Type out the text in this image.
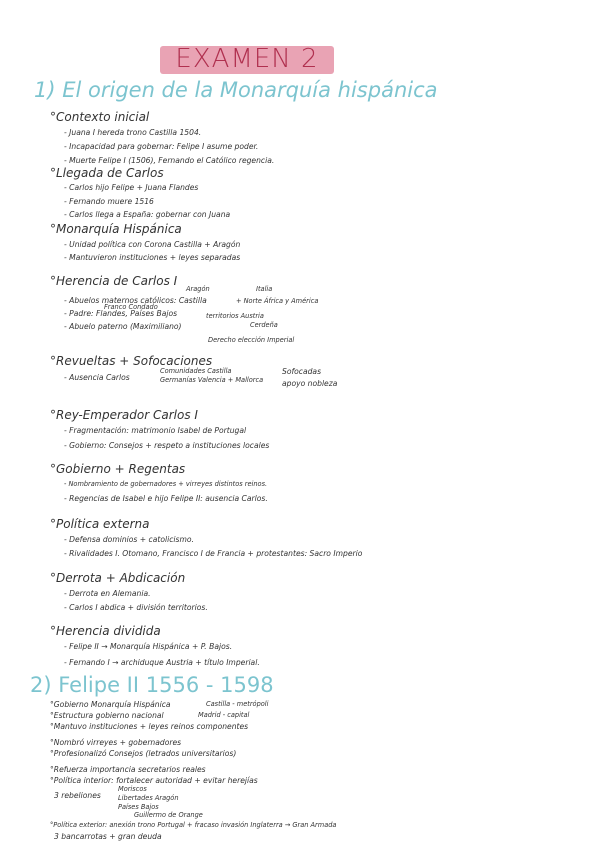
EXAMEN 2
1) El origen de la Monarquía hispánica
°Contexto inicial
- Juana I hereda trono Castilla 1504.
- Incapacidad para gobernar: Felipe I asume poder.
- Muerte Felipe I (1506), Fernando el Católico regencia.
°Llegada de Carlos
- Carlos hijo Felipe + Juana Flandes
- Fernando muere 1516
- Carlos llega a España: gobernar con Juana
°Monarquía Hispánica
- Unidad política con Corona Castilla + Aragón
- Mantuvieron instituciones + leyes separadas
°Herencia de Carlos I
Aragón	Italia
- Abuelos maternos católicos: Castilla	+ Norte África y América
Franco Condado
- Padre: Flandes, Países Bajos	territorios Austria
- Abuelo paterno (Maximiliano)	Cerdeña
Derecho elección Imperial
°Revueltas + Sofocaciones
- Ausencia Carlos
Comunidades Castilla
Germanías Valencia + Mallorca
Sofocadas
apoyo nobleza
°Rey-Emperador Carlos I
- Fragmentación: matrimonio Isabel de Portugal
- Gobierno: Consejos + respeto a instituciones locales
°Gobierno + Regentas
- Nombramiento de gobernadores + virreyes distintos reinos.
- Regencias de Isabel e hijo Felipe II: ausencia Carlos.
°Política externa
- Defensa dominios + catolicismo.
- Rivalidades I. Otomano, Francisco I de Francia + protestantes: Sacro Imperio
°Derrota + Abdicación
- Derrota en Alemania.
- Carlos I abdica + división territorios.
°Herencia dividida
- Felipe II → Monarquía Hispánica + P. Bajos.
- Fernando I → archiduque Austria + título Imperial.
2) Felipe II 1556 - 1598
°Gobierno Monarquía Hispánica	Castilla - metrópoli
°Estructura gobierno nacional	Madrid - capital
°Mantuvo instituciones + leyes reinos componentes
°Nombró virreyes + gobernadores
°Profesionalizó Consejos (letrados universitarios)
°Refuerza importancia secretarios reales
°Política interior: fortalecer autoridad + evitar herejías
3 rebeliones
Moriscos
Libertades Aragón
Países Bajos
Guillermo de Orange
°Política exterior: anexión trono Portugal + fracaso invasión Inglaterra → Gran Armada
3 bancarrotas + gran deuda
